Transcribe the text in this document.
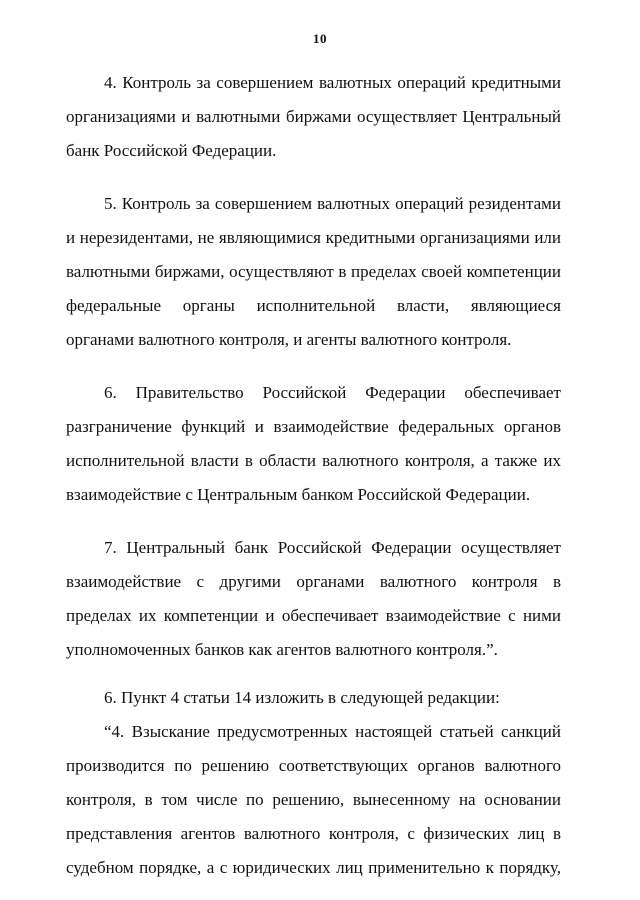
10

4. Контроль за совершением валютных операций кредитными организациями и валютными биржами осуществляет Центральный банк Российской Федерации.

5. Контроль за совершением валютных операций резидентами и нерезидентами, не являющимися кредитными организациями или валютными биржами, осуществляют в пределах своей компетенции федеральные органы исполнительной власти, являющиеся органами валютного контроля, и агенты валютного контроля.

6. Правительство Российской Федерации обеспечивает разграничение функций и взаимодействие федеральных органов исполнительной власти в области валютного контроля, а также их взаимодействие с Центральным банком Российской Федерации.

7. Центральный банк Российской Федерации осуществляет взаимодействие с другими органами валютного контроля в пределах их компетенции и обеспечивает взаимодействие с ними уполномоченных банков как агентов валютного контроля.”.

6. Пункт 4 статьи 14 изложить в следующей редакции:

“4. Взыскание предусмотренных настоящей статьей санкций производится по решению соответствующих органов валютного контроля, в том числе по решению, вынесенному на основании представления агентов валютного контроля, с физических лиц в судебном порядке, а с юридических лиц применительно к порядку,
